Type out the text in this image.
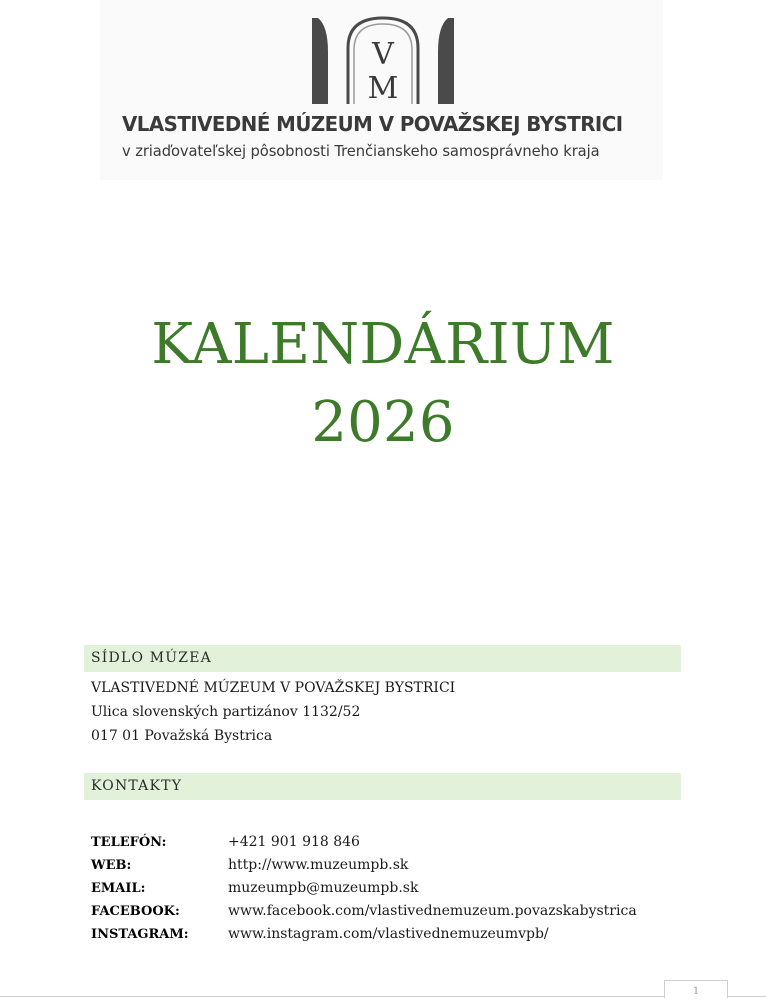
V
M
VLASTIVEDNÉ MÚZEUM V POVAŽSKEJ BYSTRICI
v zriaďovateľskej pôsobnosti Trenčianskeho samosprávneho kraja
KALENDÁRIUM
2026
SÍDLO MÚZEA
VLASTIVEDNÉ MÚZEUM V POVAŽSKEJ BYSTRICI
Ulica slovenských partizánov 1132/52
017 01 Považská Bystrica
KONTAKTY
TELEFÓN:	+421 901 918 846
WEB:	http://www.muzeumpb.sk
EMAIL:	muzeumpb@muzeumpb.sk
FACEBOOK:	www.facebook.com/vlastivednemuzeum.povazskabystrica
INSTAGRAM:	www.instagram.com/vlastivednemuzeumvpb/
1
